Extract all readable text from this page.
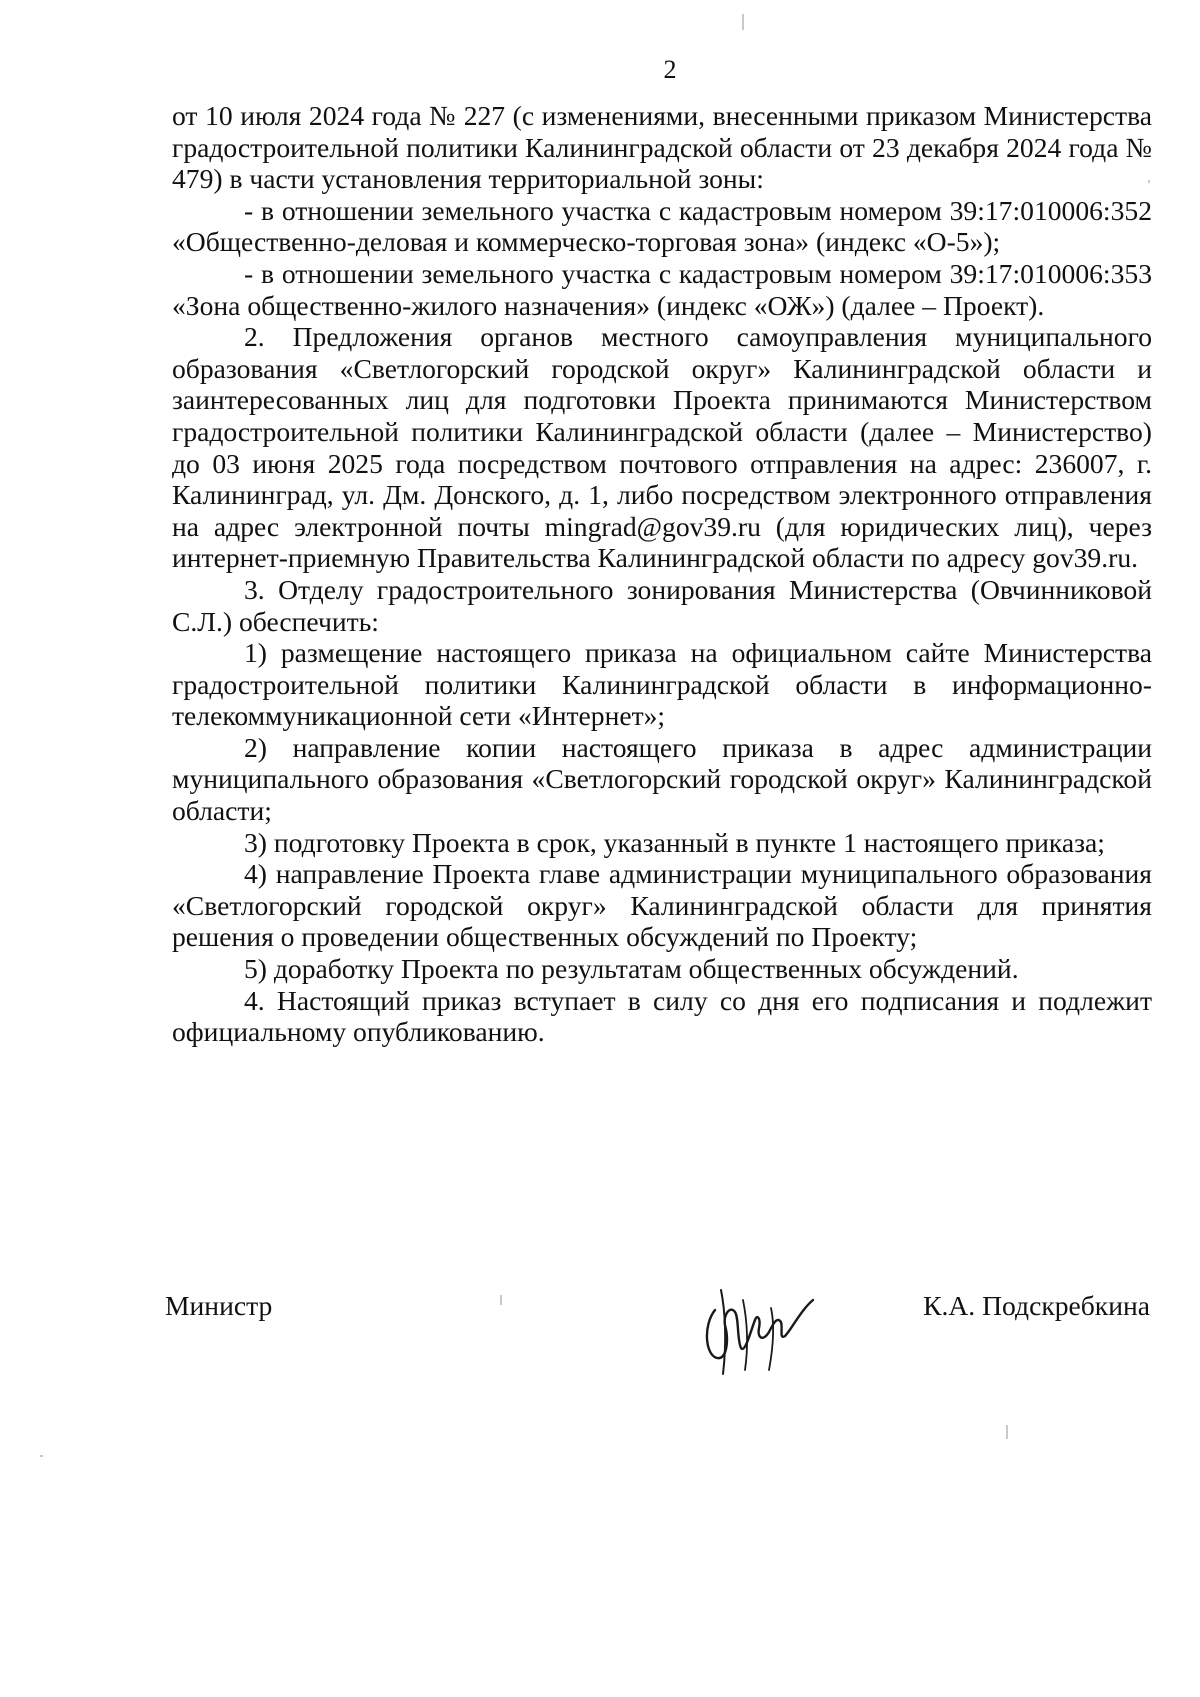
2

от 10 июля 2024 года № 227 (с изменениями, внесенными приказом Министерства градостроительной политики Калининградской области от 23 декабря 2024 года № 479) в части установления территориальной зоны:

- в отношении земельного участка с кадастровым номером 39:17:010006:352 «Общественно-деловая и коммерческо-торговая зона» (индекс «О-5»);

- в отношении земельного участка с кадастровым номером 39:17:010006:353 «Зона общественно-жилого назначения» (индекс «ОЖ») (далее – Проект).

2. Предложения органов местного самоуправления муниципального образования «Светлогорский городской округ» Калининградской области и заинтересованных лиц для подготовки Проекта принимаются Министерством градостроительной политики Калининградской области (далее – Министерство) до 03 июня 2025 года посредством почтового отправления на адрес: 236007, г. Калининград, ул. Дм. Донского, д. 1, либо посредством электронного отправления на адрес электронной почты mingrad@gov39.ru (для юридических лиц), через интернет-приемную Правительства Калининградской области по адресу gov39.ru.

3. Отделу градостроительного зонирования Министерства (Овчинниковой С.Л.) обеспечить:

1) размещение настоящего приказа на официальном сайте Министерства градостроительной политики Калининградской области в информационно-телекоммуникационной сети «Интернет»;

2) направление копии настоящего приказа в адрес администрации муниципального образования «Светлогорский городской округ» Калининградской области;

3) подготовку Проекта в срок, указанный в пункте 1 настоящего приказа;

4) направление Проекта главе администрации муниципального образования «Светлогорский городской округ» Калининградской области для принятия решения о проведении общественных обсуждений по Проекту;

5) доработку Проекта по результатам общественных обсуждений.

4. Настоящий приказ вступает в силу со дня его подписания и подлежит официальному опубликованию.

Министр	К.А. Подскребкина
